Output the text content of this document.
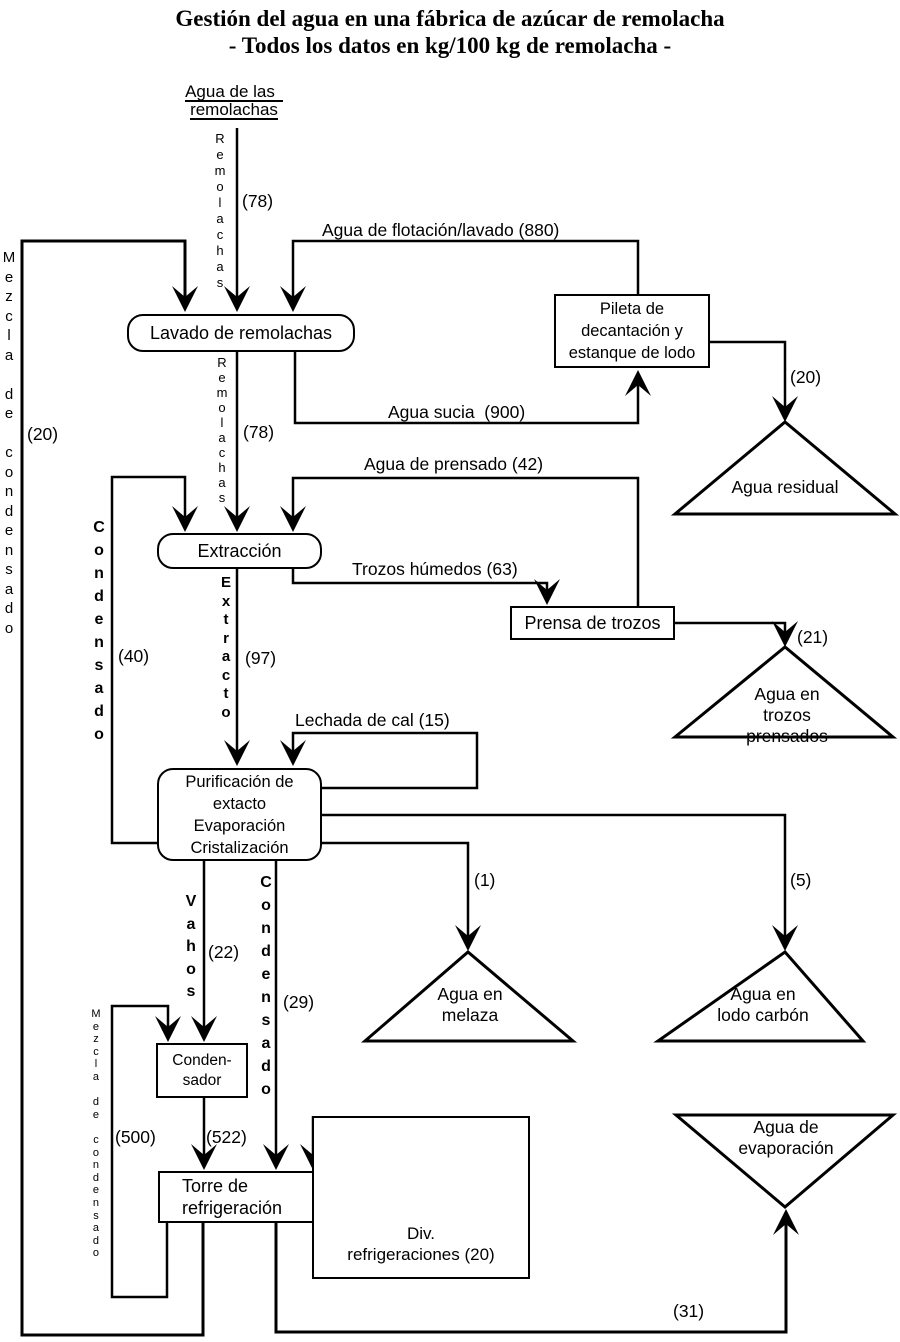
Gestión del agua en una fábrica de azúcar de remolacha
- Todos los datos en kg/100 kg de remolacha -
Agua de las
remolachas
Agua residual
Agua en
trozos prensados
Agua en
melaza
Agua en
lodo carbón
Agua de
evaporación
Lavado de remolachas
Pileta de
decantación y
estanque de lodo
Extracción
Prensa de trozos
Purificación de
extacto
Evaporación
Cristalización
Conden-
sador
Torre de
refrigeración
Div.
refrigeraciones (20)
Agua de flotación/lavado (880)
Agua sucia  (900)
Agua de prensado (42)
Trozos húmedos (63)
Lechada de cal (15)
(78)
(78)
(20)
(20)
(21)
(40)	(97)
(1)	(5)
(22)
(29)
(500)	(522)
(31)
R
e
m
o
l
a
c
h
a
s
R
e
m
o
l
a
c
h
a
s
C
o
n
d
e
n
s
a
d
o
E
x
t
r
a
c
t
o
V
a
h
o
s
C
o
n
d
e
n
s
a
d
o
M
e
z
c
l
a
d
e
c
o
n
d
e
n
s
a
d
o
M
e
z
c
l
a
d
e
c
o
n
d
e
n
s
a
d
o
